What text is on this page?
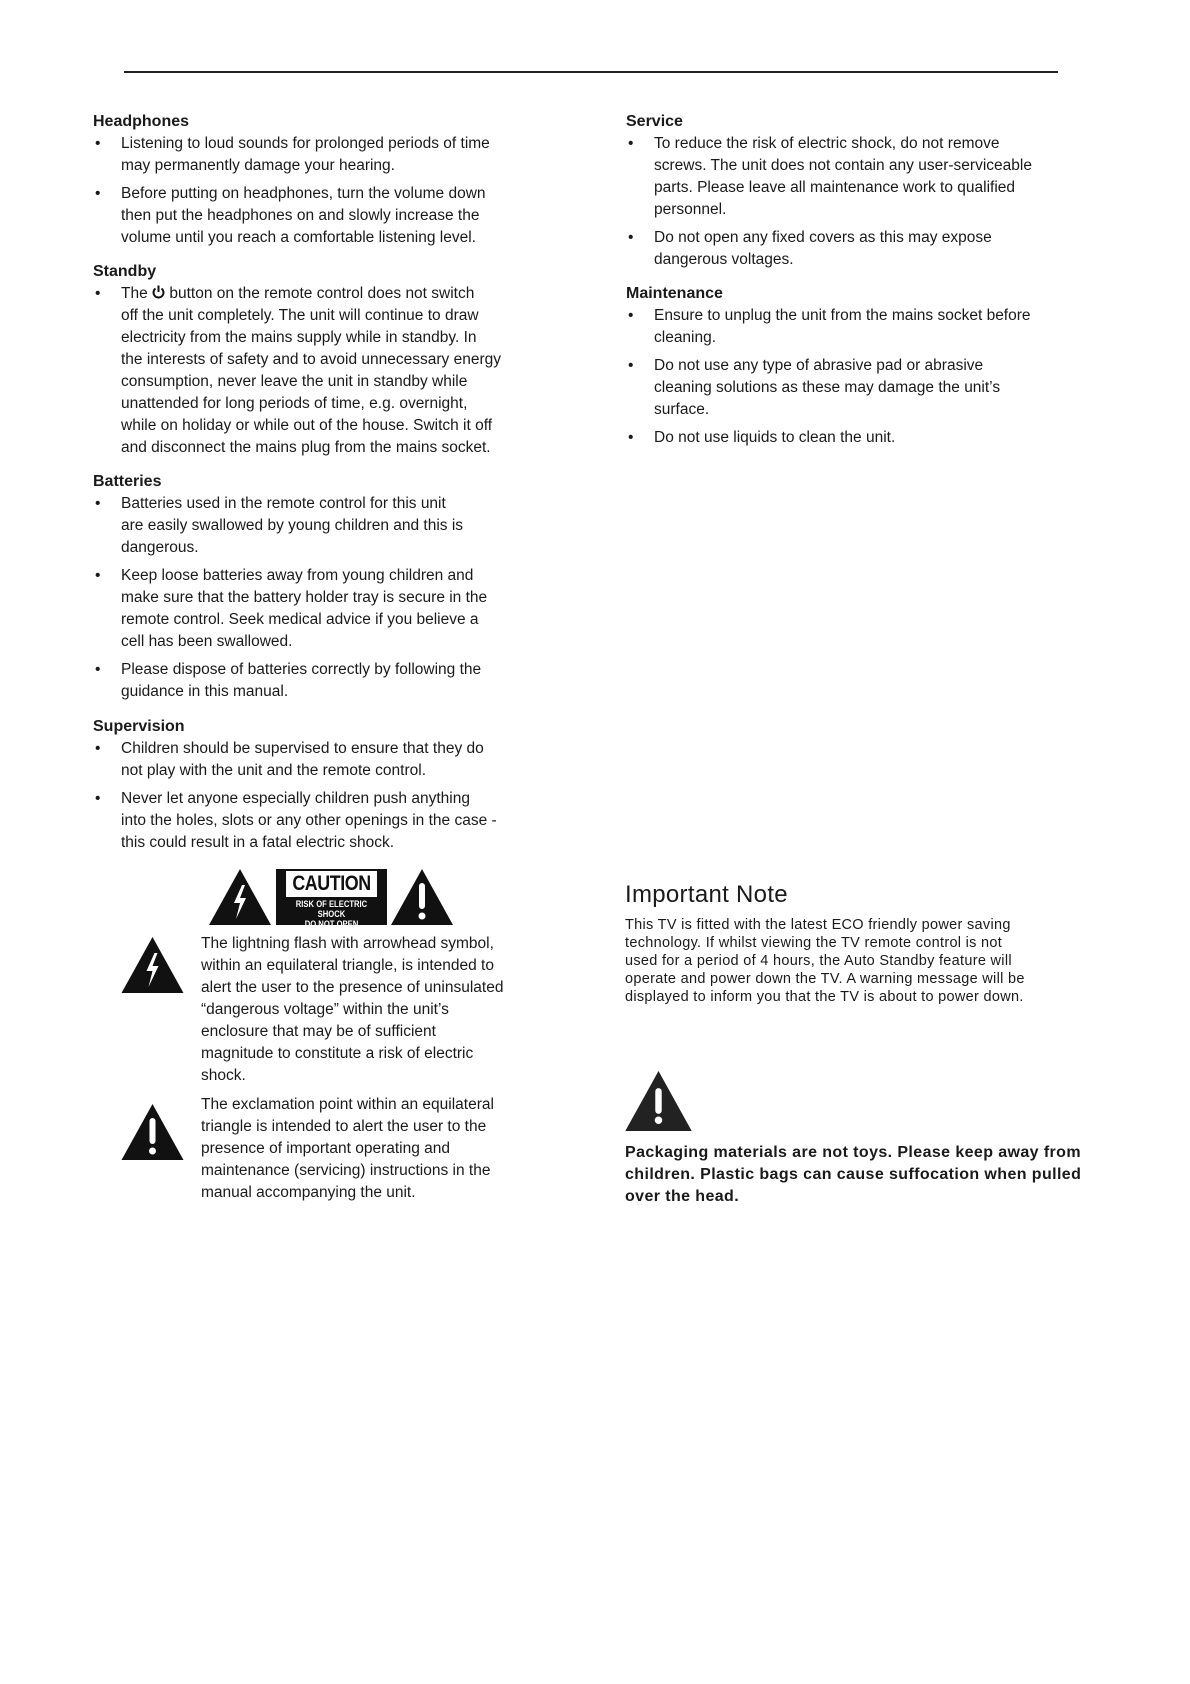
Headphones
• Listening to loud sounds for prolonged periods of time
may permanently damage your hearing.
• Before putting on headphones, turn the volume down
then put the headphones on and slowly increase the
volume until you reach a comfortable listening level.
Standby
• The button on the remote control does not switch
off the unit completely. The unit will continue to draw
electricity from the mains supply while in standby. In
the interests of safety and to avoid unnecessary energy
consumption, never leave the unit in standby while
unattended for long periods of time, e.g. overnight,
while on holiday or while out of the house. Switch it off
and disconnect the mains plug from the mains socket.
Batteries
• Batteries used in the remote control for this unit
are easily swallowed by young children and this is
dangerous.
• Keep loose batteries away from young children and
make sure that the battery holder tray is secure in the
remote control. Seek medical advice if you believe a
cell has been swallowed.
• Please dispose of batteries correctly by following the
guidance in this manual.
Supervision
• Children should be supervised to ensure that they do
not play with the unit and the remote control.
• Never let anyone especially children push anything
into the holes, slots or any other openings in the case -
this could result in a fatal electric shock.
CAUTION
RISK OF ELECTRIC SHOCK
DO NOT OPEN
The lightning flash with arrowhead symbol,
within an equilateral triangle, is intended to
alert the user to the presence of uninsulated
“dangerous voltage” within the unit’s
enclosure that may be of sufficient
magnitude to constitute a risk of electric
shock.
The exclamation point within an equilateral
triangle is intended to alert the user to the
presence of important operating and
maintenance (servicing) instructions in the
manual accompanying the unit.
Service
• To reduce the risk of electric shock, do not remove
screws. The unit does not contain any user-serviceable
parts. Please leave all maintenance work to qualified
personnel.
• Do not open any fixed covers as this may expose
dangerous voltages.
Maintenance
• Ensure to unplug the unit from the mains socket before
cleaning.
• Do not use any type of abrasive pad or abrasive
cleaning solutions as these may damage the unit’s
surface.
• Do not use liquids to clean the unit.
Important Note
This TV is fitted with the latest ECO friendly power saving
technology. If whilst viewing the TV remote control is not
used for a period of 4 hours, the Auto Standby feature will
operate and power down the TV. A warning message will be
displayed to inform you that the TV is about to power down.
Packaging materials are not toys. Please keep away from
children. Plastic bags can cause suffocation when pulled
over the head.
